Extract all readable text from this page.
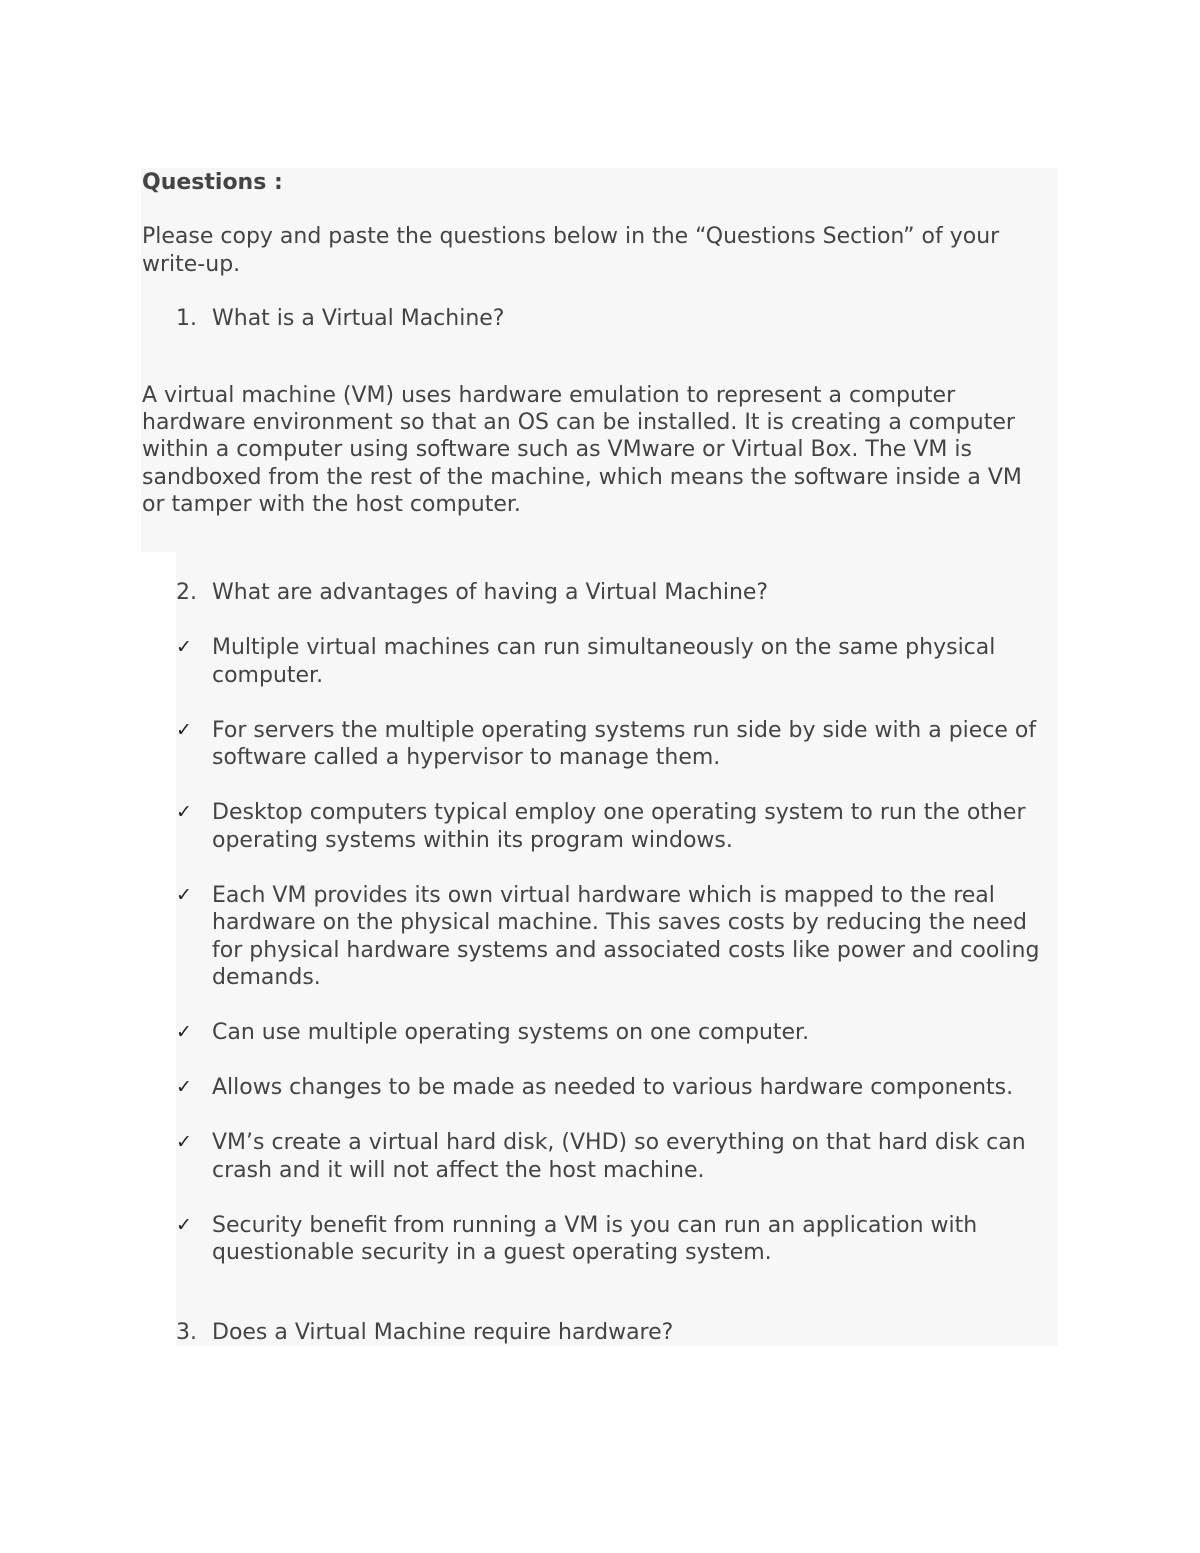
Questions :

Please copy and paste the questions below in the “Questions Section” of your write-up.

1. What is a Virtual Machine?

A virtual machine (VM) uses hardware emulation to represent a computer hardware environment so that an OS can be installed. It is creating a computer within a computer using software such as VMware or Virtual Box. The VM is sandboxed from the rest of the machine, which means the software inside a VM or tamper with the host computer.

2. What are advantages of having a Virtual Machine?
✓ Multiple virtual machines can run simultaneously on the same physical computer.
✓ For servers the multiple operating systems run side by side with a piece of software called a hypervisor to manage them.
✓ Desktop computers typical employ one operating system to run the other operating systems within its program windows.
✓ Each VM provides its own virtual hardware which is mapped to the real hardware on the physical machine. This saves costs by reducing the need for physical hardware systems and associated costs like power and cooling demands.
✓ Can use multiple operating systems on one computer.
✓ Allows changes to be made as needed to various hardware components.
✓ VM’s create a virtual hard disk, (VHD) so everything on that hard disk can crash and it will not affect the host machine.
✓ Security benefit from running a VM is you can run an application with questionable security in a guest operating system.
3. Does a Virtual Machine require hardware?
